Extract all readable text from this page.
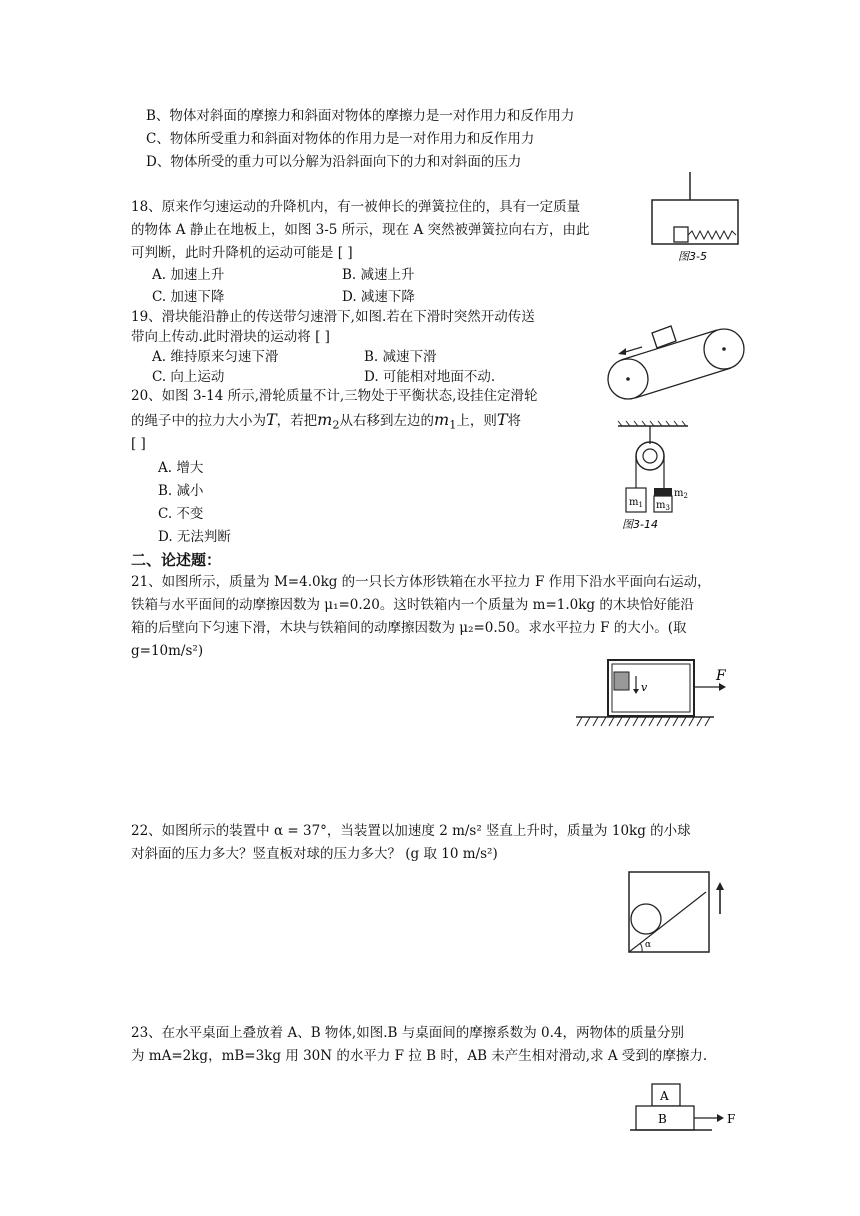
B、物体对斜面的摩擦力和斜面对物体的摩擦力是一对作用力和反作用力
C、物体所受重力和斜面对物体的作用力是一对作用力和反作用力
D、物体所受的重力可以分解为沿斜面向下的力和对斜面的压力
18、原来作匀速运动的升降机内，有一被伸长的弹簧拉住的，具有一定质量
的物体 A 静止在地板上，如图 3-5 所示，现在 A 突然被弹簧拉向右方，由此
可判断，此时升降机的运动可能是 [ ]
A. 加速上升	B. 减速上升
C. 加速下降	D. 减速下降
图3-5
19、滑块能沿静止的传送带匀速滑下,如图.若在下滑时突然开动传送
带向上传动.此时滑块的运动将 [ ]
A. 维持原来匀速下滑	B. 减速下滑
C. 向上运动	D. 可能相对地面不动.
20、如图 3-14 所示,滑轮质量不计,三物处于平衡状态,设挂住定滑轮
的绳子中的拉力大小为T，若把$m_2$从右移到左边的$m_1$上，则T将
[ ]
A. 增大
B. 减小
C. 不变
D. 无法判断
$m_1$
$m_2$
$m_3$
图3-14
二、论述题：
21、如图所示，质量为 M=4.0kg 的一只长方体形铁箱在水平拉力 F 作用下沿水平面向右运动，
铁箱与水平面间的动摩擦因数为 μ₁=0.20。这时铁箱内一个质量为 m=1.0kg 的木块恰好能沿
箱的后壁向下匀速下滑，木块与铁箱间的动摩擦因数为 μ₂=0.50。求水平拉力 F 的大小。(取
g=10m/s²)
v
F
22、如图所示的装置中 α = 37°，当装置以加速度 2 m/s² 竖直上升时，质量为 10kg 的小球
对斜面的压力多大？竖直板对球的压力多大？ (g 取 10 m/s²)
α
23、在水平桌面上叠放着 A、B 物体,如图.B 与桌面间的摩擦系数为 0.4，两物体的质量分别
为 mA=2kg，mB=3kg 用 30N 的水平力 F 拉 B 时，AB 未产生相对滑动,求 A 受到的摩擦力.
A
B	F
